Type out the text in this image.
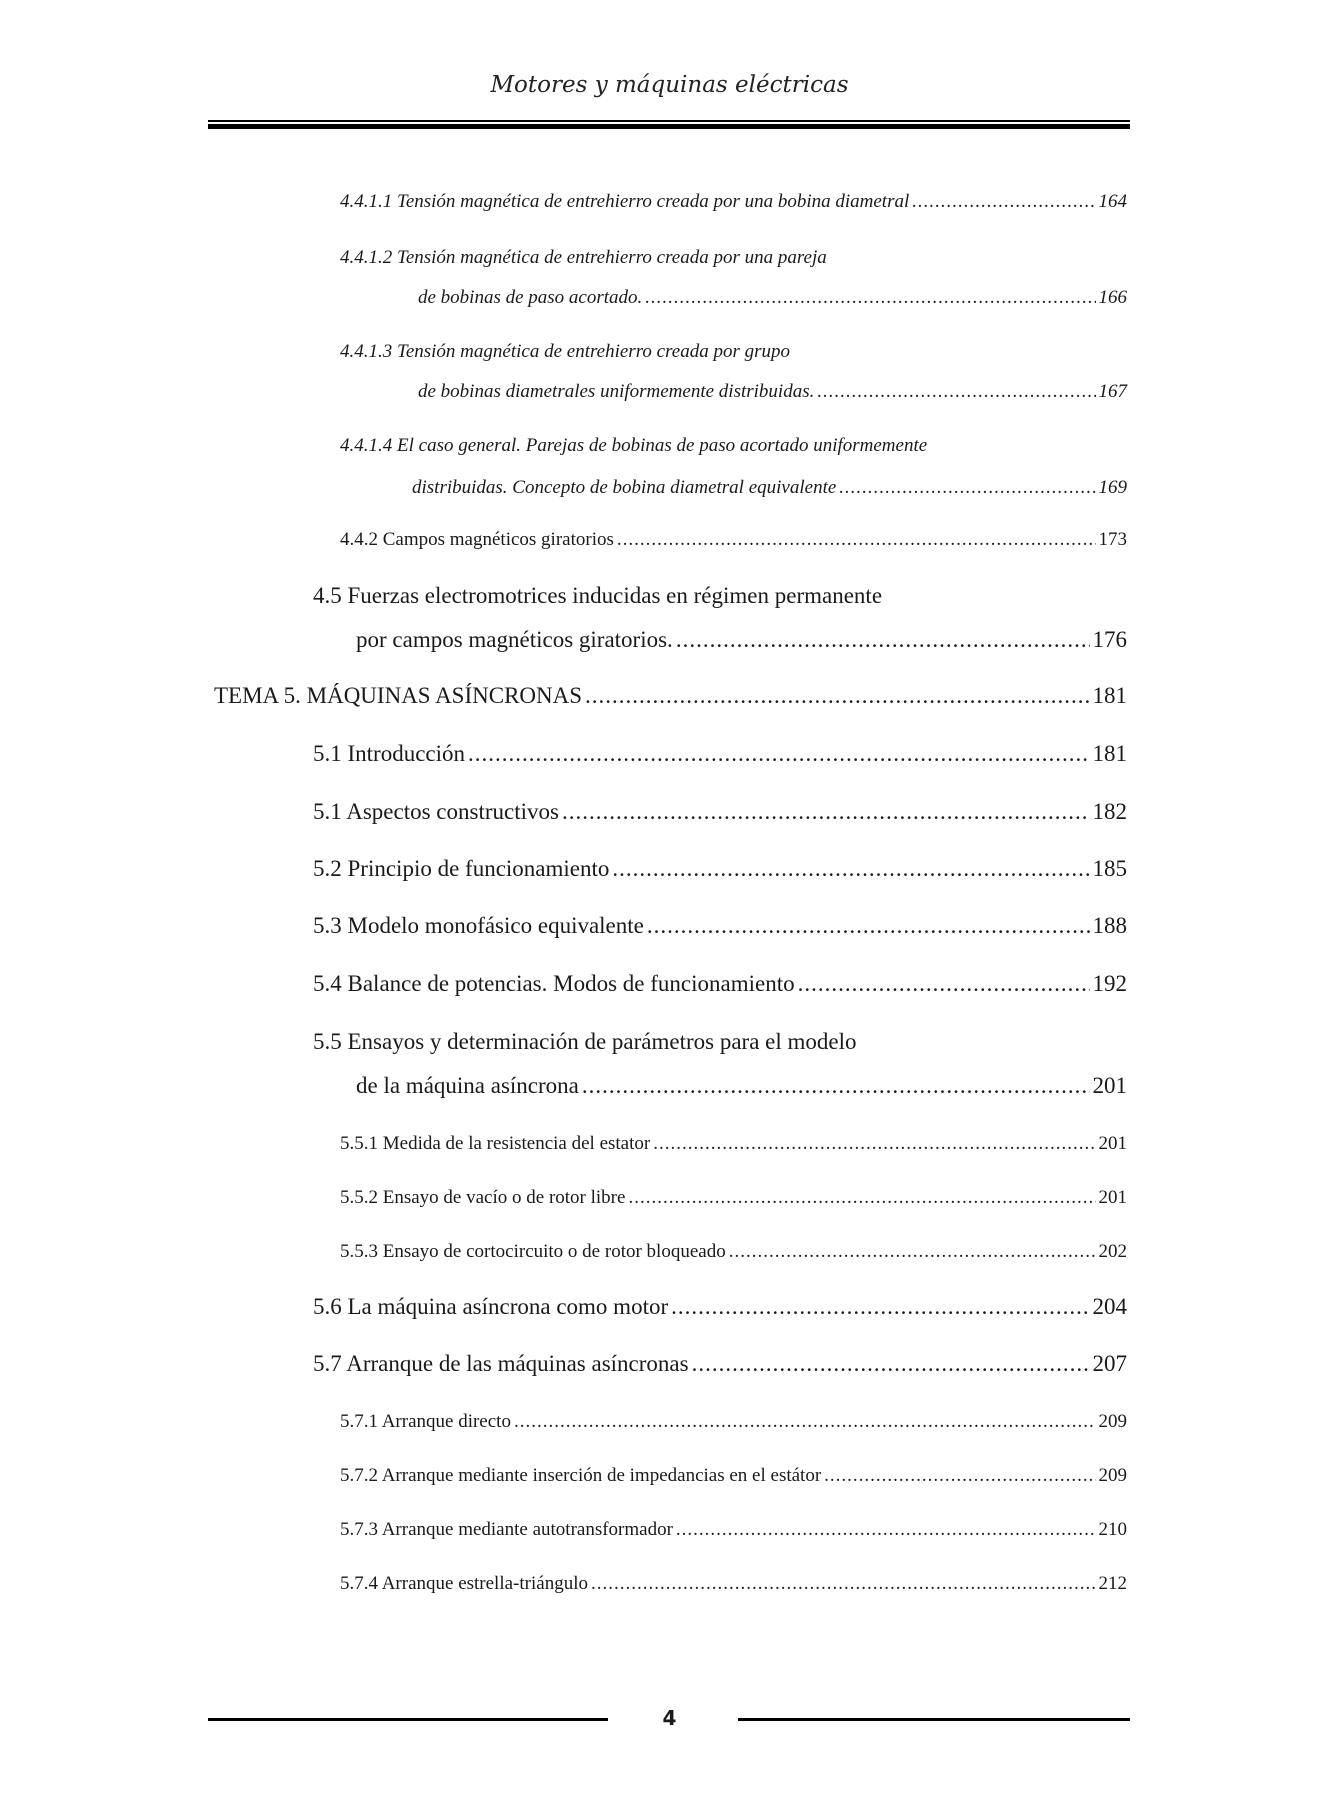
Motores y máquinas eléctricas
4.4.1.1 Tensión magnética de entrehierro creada por una bobina diametral .....	164
4.4.1.2 Tensión magnética de entrehierro creada por una pareja
de bobinas de paso acortado. .....	166
4.4.1.3 Tensión magnética de entrehierro creada por grupo
de bobinas diametrales uniformemente distribuidas. .....	167
4.4.1.4 El caso general. Parejas de bobinas de paso acortado uniformemente
distribuidas. Concepto de bobina diametral equivalente .....	169
4.4.2 Campos magnéticos giratorios .....	173
4.5 Fuerzas electromotrices inducidas en régimen permanente
por campos magnéticos giratorios. .....	176
TEMA 5. MÁQUINAS ASÍNCRONAS .....	181
5.1 Introducción .....	181
5.1 Aspectos constructivos .....	182
5.2 Principio de funcionamiento .....	185
5.3 Modelo monofásico equivalente .....	188
5.4 Balance de potencias. Modos de funcionamiento .....	192
5.5 Ensayos y determinación de parámetros para el modelo
de la máquina asíncrona .....	201
5.5.1 Medida de la resistencia del estator .....	201
5.5.2 Ensayo de vacío o de rotor libre .....	201
5.5.3 Ensayo de cortocircuito o de rotor bloqueado .....	202
5.6 La máquina asíncrona como motor .....	204
5.7 Arranque de las máquinas asíncronas .....	207
5.7.1 Arranque directo .....	209
5.7.2 Arranque mediante inserción de impedancias en el estátor .....	209
5.7.3 Arranque mediante autotransformador .....	210
5.7.4 Arranque estrella-triángulo .....	212
4
